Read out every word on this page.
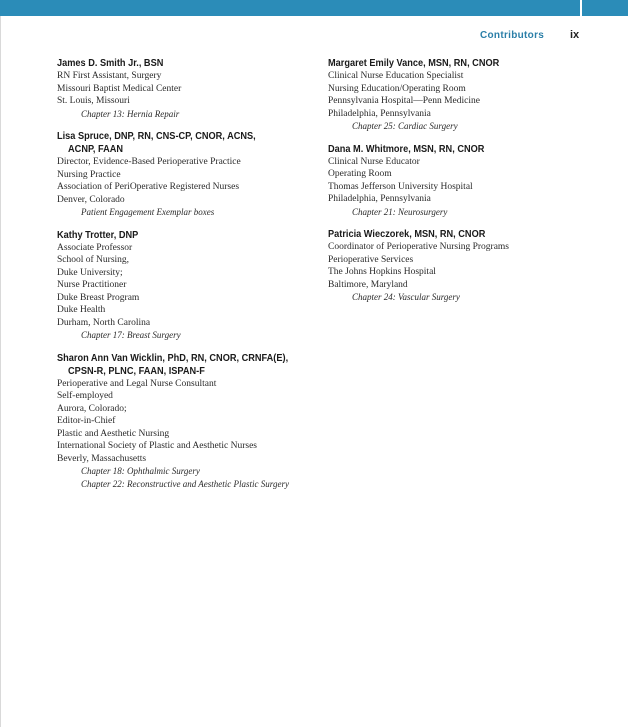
Contributors ix
James D. Smith Jr., BSN
RN First Assistant, Surgery
Missouri Baptist Medical Center
St. Louis, Missouri
Chapter 13: Hernia Repair
Lisa Spruce, DNP, RN, CNS-CP, CNOR, ACNS,
ACNP, FAAN
Director, Evidence-Based Perioperative Practice
Nursing Practice
Association of PeriOperative Registered Nurses
Denver, Colorado
Patient Engagement Exemplar boxes
Kathy Trotter, DNP
Associate Professor
School of Nursing,
Duke University;
Nurse Practitioner
Duke Breast Program
Duke Health
Durham, North Carolina
Chapter 17: Breast Surgery
Sharon Ann Van Wicklin, PhD, RN, CNOR, CRNFA(E),
CPSN-R, PLNC, FAAN, ISPAN-F
Perioperative and Legal Nurse Consultant
Self-employed
Aurora, Colorado;
Editor-in-Chief
Plastic and Aesthetic Nursing
International Society of Plastic and Aesthetic Nurses
Beverly, Massachusetts
Chapter 18: Ophthalmic Surgery
Chapter 22: Reconstructive and Aesthetic Plastic Surgery
Margaret Emily Vance, MSN, RN, CNOR
Clinical Nurse Education Specialist
Nursing Education/Operating Room
Pennsylvania Hospital—Penn Medicine
Philadelphia, Pennsylvania
Chapter 25: Cardiac Surgery
Dana M. Whitmore, MSN, RN, CNOR
Clinical Nurse Educator
Operating Room
Thomas Jefferson University Hospital
Philadelphia, Pennsylvania
Chapter 21: Neurosurgery
Patricia Wieczorek, MSN, RN, CNOR
Coordinator of Perioperative Nursing Programs
Perioperative Services
The Johns Hopkins Hospital
Baltimore, Maryland
Chapter 24: Vascular Surgery
